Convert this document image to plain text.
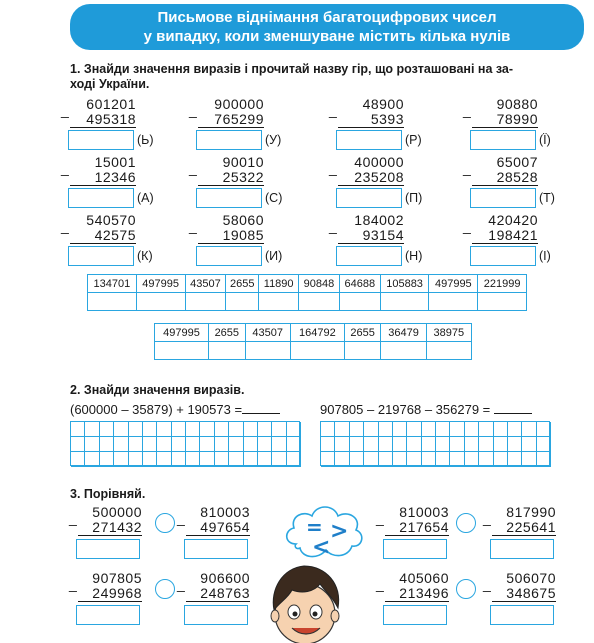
Письмове віднімання багатоцифрових чисел
у випадку, коли зменшуване містить кілька нулів
1. Знайди значення виразів і прочитай назву гір, що розташовані на за-
ході України.
_	601201
495318
(Ь)
_	900000
765299
(У)
_	48900
5393
(Р)
_	90880
78990
(Ї)
_	15001
12346
(А)
_	90010
25322
(С)
_	400000
235208
(П)
_	65007
28528
(Т)
_	540570
42575
(К)
_	58060
19085
(И)
_	184002
93154
(Н)
_	420420
198421
(І)
134701	497995	43507	2655	11890	90848	64688	105883	497995	221999

497995	2655	43507	164792	2655	36479	38975

2. Знайди значення виразів.
(600000 – 35879) + 190573 =	907805 – 219768 – 356279 =
3. Порівняй.
_	500000
271432
_	810003
497654
_	810003
217654
_	817990
225641
_	907805
249968
_	906600
248763
_	405060
213496
_	506070
348675
= >
<
